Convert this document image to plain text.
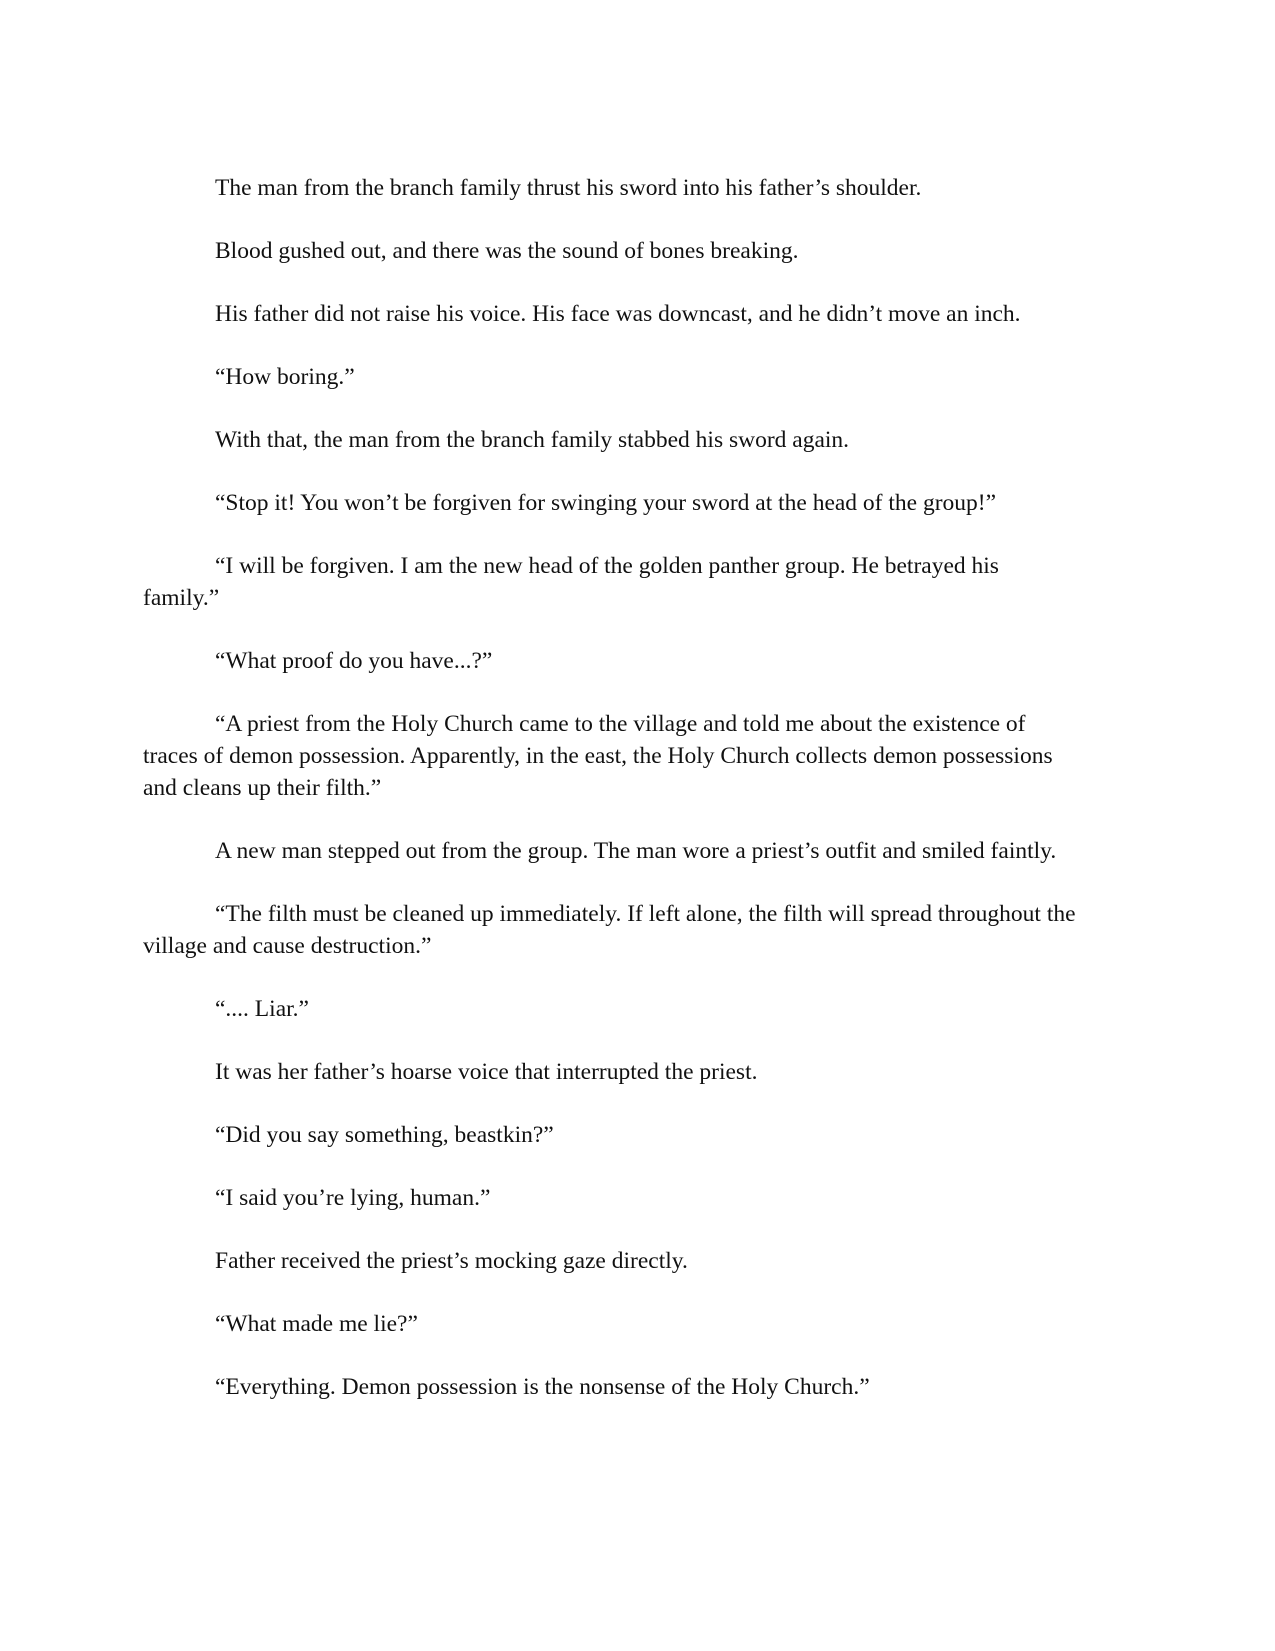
The man from the branch family thrust his sword into his father’s shoulder.

Blood gushed out, and there was the sound of bones breaking.

His father did not raise his voice. His face was downcast, and he didn’t move an inch.

“How boring.”

With that, the man from the branch family stabbed his sword again.

“Stop it! You won’t be forgiven for swinging your sword at the head of the group!”

“I will be forgiven. I am the new head of the golden panther group. He betrayed his family.”

“What proof do you have...?”

“A priest from the Holy Church came to the village and told me about the existence of traces of demon possession. Apparently, in the east, the Holy Church collects demon possessions and cleans up their filth.”

A new man stepped out from the group. The man wore a priest’s outfit and smiled faintly.

“The filth must be cleaned up immediately. If left alone, the filth will spread throughout the village and cause destruction.”

“.... Liar.”

It was her father’s hoarse voice that interrupted the priest.

“Did you say something, beastkin?”

“I said you’re lying, human.”

Father received the priest’s mocking gaze directly.

“What made me lie?”

“Everything. Demon possession is the nonsense of the Holy Church.”
